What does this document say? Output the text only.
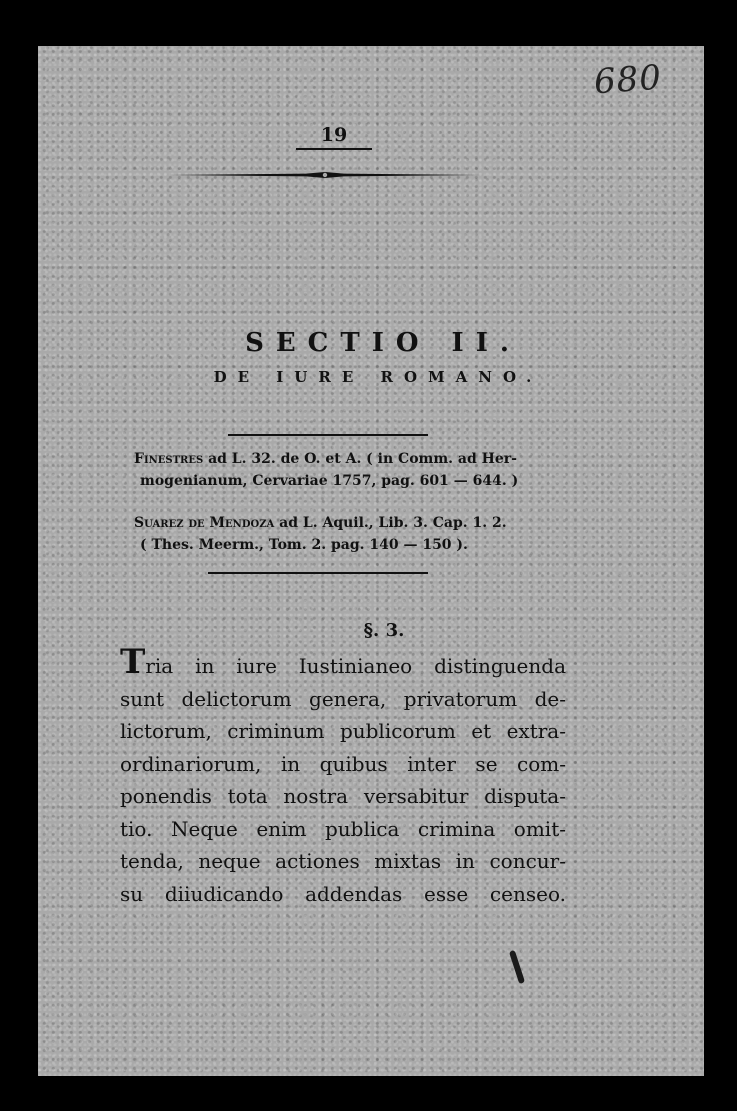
680
19
SECTIO II.
DE IURE ROMANO.
Finestres ad L. 32. de O. et A. ( in Comm. ad Her-
mogenianum, Cervariae 1757, pag. 601 — 644. )
Suarez de Mendoza ad L. Aquil., Lib. 3. Cap. 1. 2.
( Thes. Meerm., Tom. 2. pag. 140 — 150 ).
§. 3.
Tria in iure Iustinianeo distinguenda
sunt delictorum genera, privatorum de-
lictorum, criminum publicorum et extra-
ordinariorum, in quibus inter se com-
ponendis tota nostra versabitur disputa-
tio. Neque enim publica crimina omit-
tenda, neque actiones mixtas in concur-
su diiudicando addendas esse censeo.
